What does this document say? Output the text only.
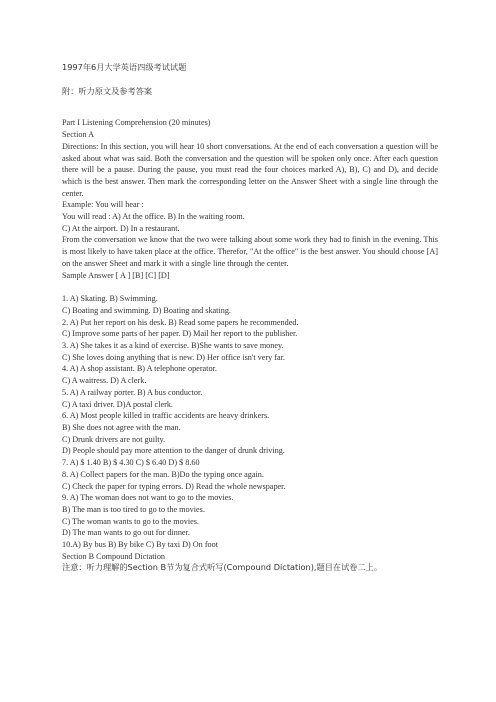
1997年6月大学英语四级考试试题

附：听力原文及参考答案

Part I Listening Comprehension (20 minutes)

Section A

Directions: In this section, you will hear 10 short conversations. At the end of each conversation a question will be asked about what was said. Both the conversation and the question will be spoken only once. After each question there will be a pause. During the pause, you must read the four choices marked A), B), C) and D), and decide which is the best answer. Then mark the corresponding letter on the Answer Sheet with a single line through the center.

Example: You will hear :

You will read : A) At the office. B) In the waiting room.

C) At the airport. D) In a restaurant.

From the conversation we know that the two were talking about some work they had to finish in the evening. This is most likely to have taken place at the office. Therefor, "At the office" is the best answer. You should choose [A] on the answer Sheet and mark it with a single line through the center.

Sample Answer [ A ] [B] [C] [D]

1. A) Skating. B) Swimming.

C) Boating and swimming. D) Boating and skating.

2. A) Put her report on his desk. B) Read some papers he recommended.

C) Improve some parts of her paper. D) Mail her report to the publisher.

3. A) She takes it as a kind of exercise. B)She wants to save money.

C) She loves doing anything that is new. D) Her office isn't very far.

4. A) A shop assistant. B) A telephone operator.

C) A waitress. D) A clerk.

5. A) A railway porter. B) A bus conductor.

C) A taxi driver. D)A postal clerk.

6. A) Most people killed in traffic accidents are heavy drinkers.

B) She does not agree with the man.

C) Drunk drivers are not guilty.

D) People should pay more attention to the danger of drunk driving.

7. A) $ 1.40 B) $ 4.30 C) $ 6.40 D) $ 8.60

8. A) Collect papers for the man. B)Do the typing once again.

C) Check the paper for typing errors. D) Read the whole newspaper.

9. A) The woman does not want to go to the movies.

B) The man is too tired to go to the movies.

C) The woman wants to go to the movies.

D) The man wants to go out for dinner.

10.A) By bus B) By bike C) By taxi D) On foot

Section B Compound Dictation

注意：听力理解的Section B节为复合式听写(Compound Dictation),题目在试卷二上。
